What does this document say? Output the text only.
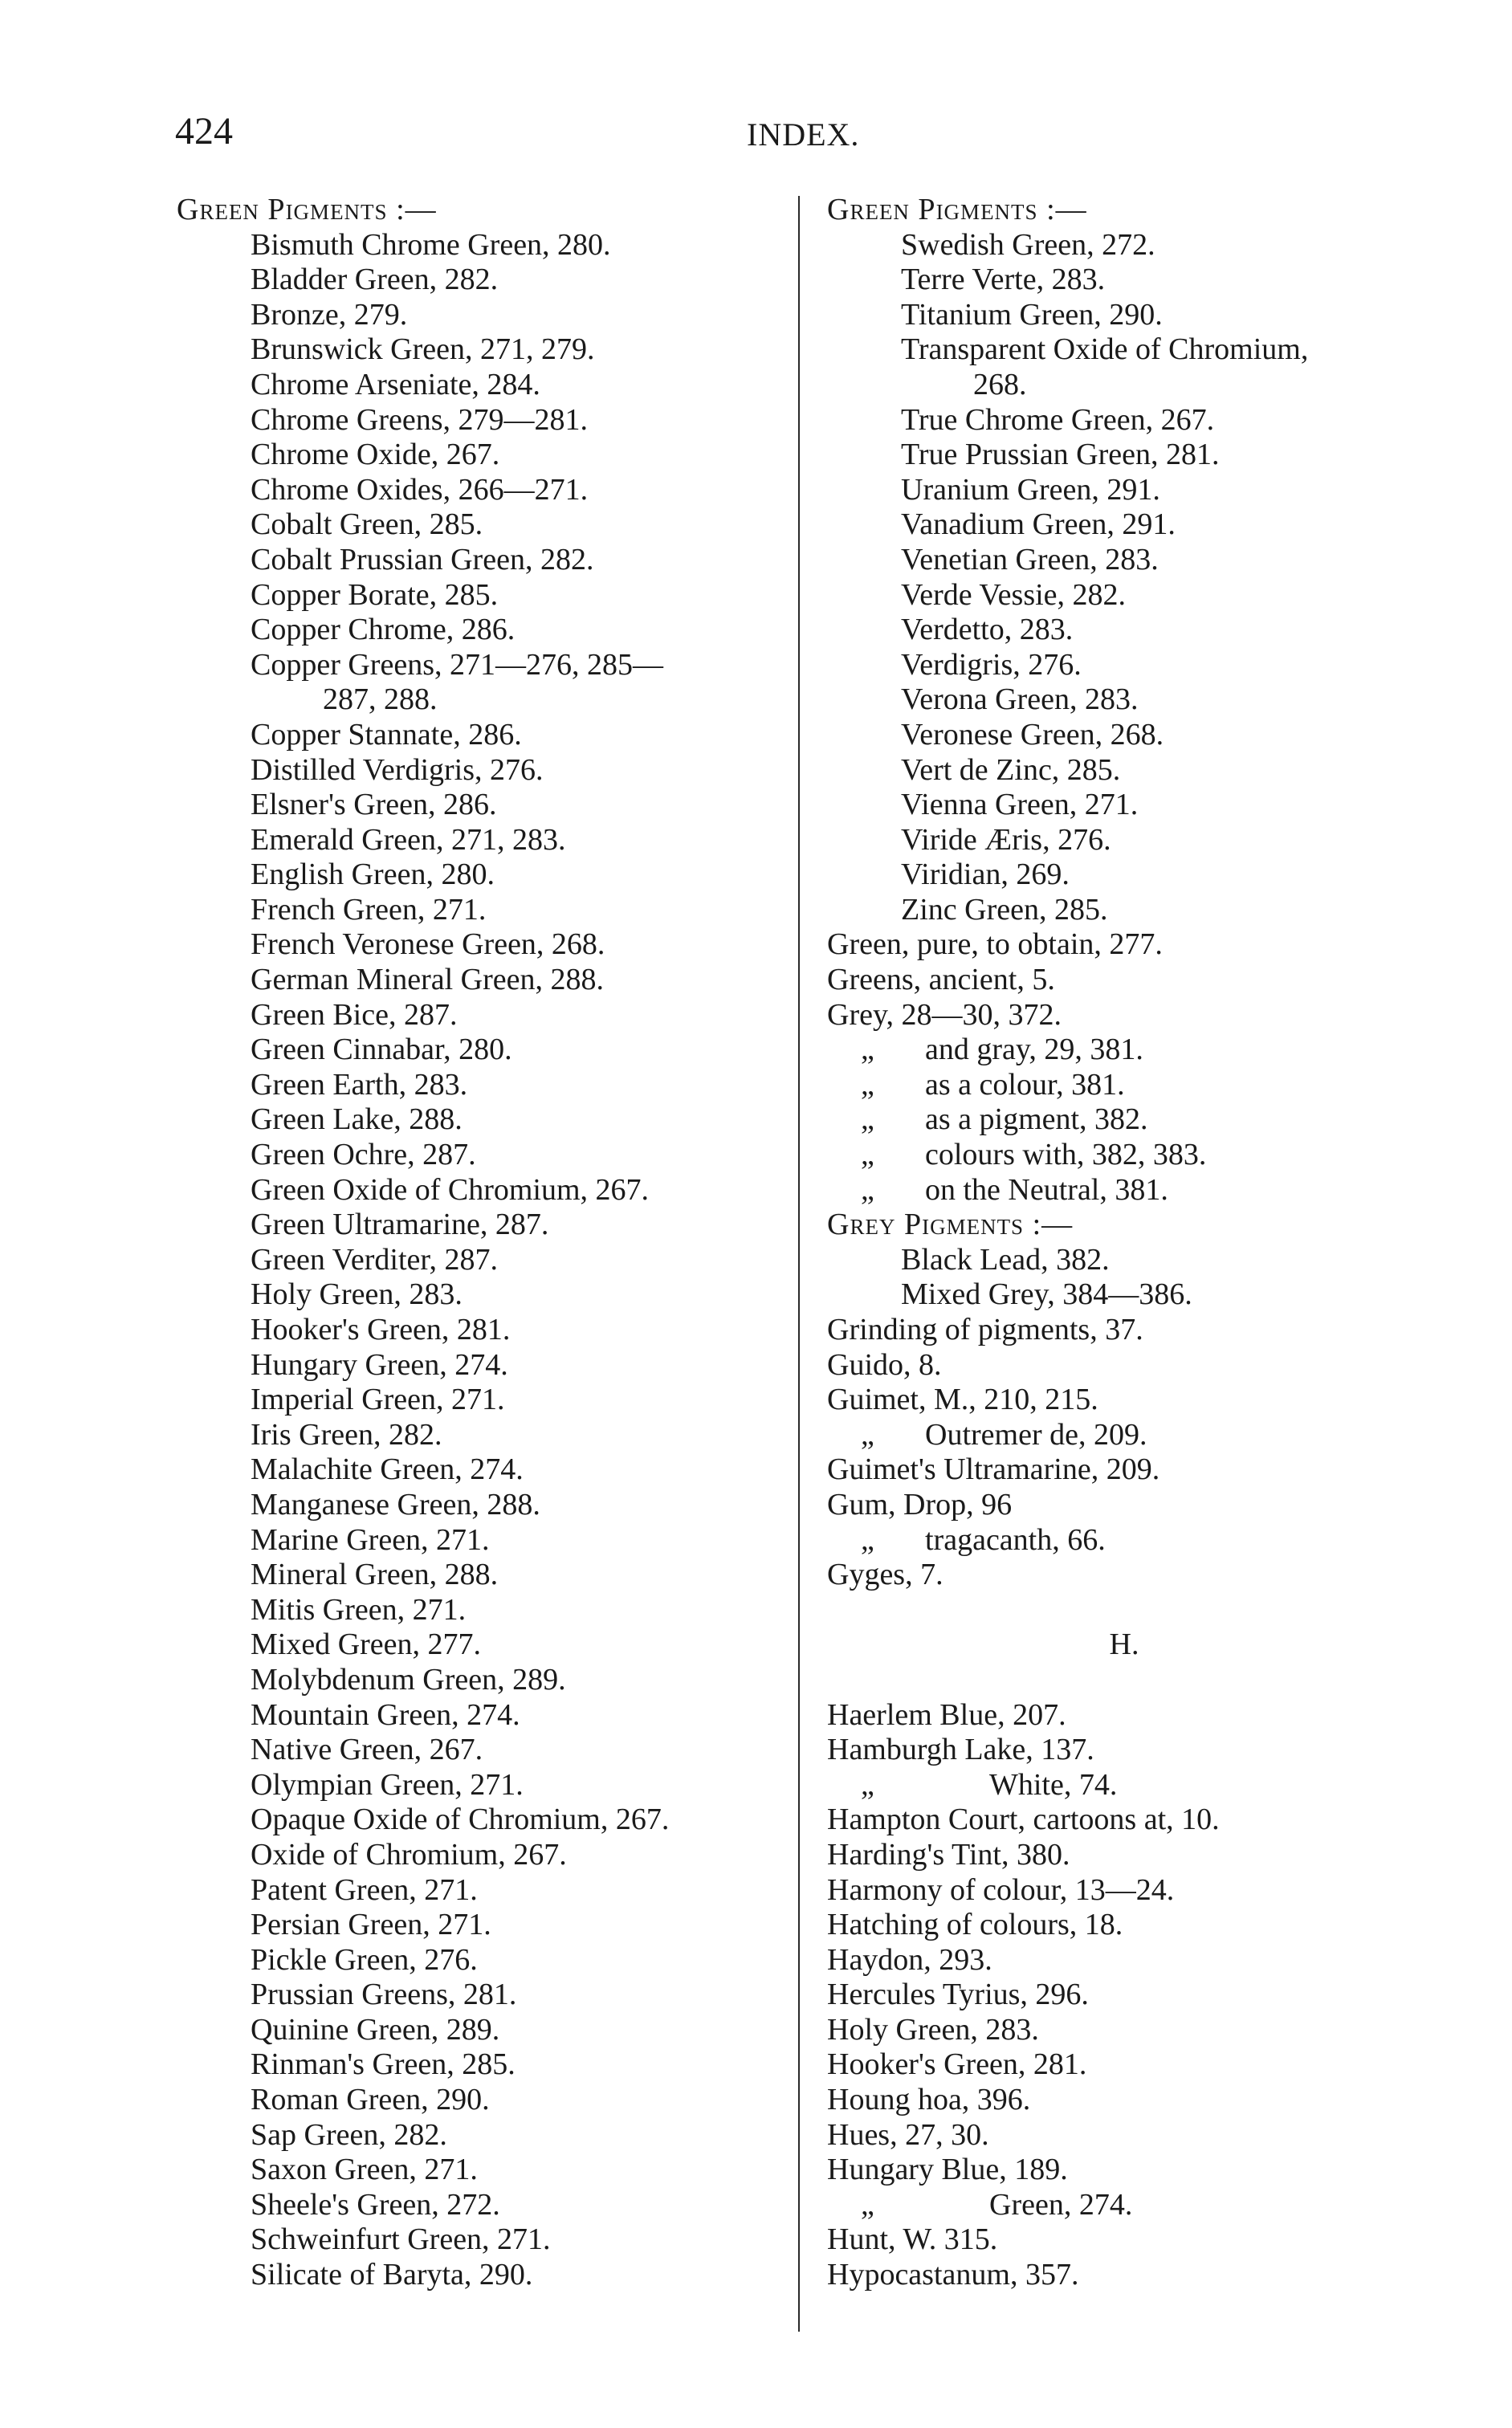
424	INDEX.
Green Pigments :—
Bismuth Chrome Green, 280.
Bladder Green, 282.
Bronze, 279.
Brunswick Green, 271, 279.
Chrome Arseniate, 284.
Chrome Greens, 279—281.
Chrome Oxide, 267.
Chrome Oxides, 266—271.
Cobalt Green, 285.
Cobalt Prussian Green, 282.
Copper Borate, 285.
Copper Chrome, 286.
Copper Greens, 271—276, 285—
287, 288.
Copper Stannate, 286.
Distilled Verdigris, 276.
Elsner's Green, 286.
Emerald Green, 271, 283.
English Green, 280.
French Green, 271.
French Veronese Green, 268.
German Mineral Green, 288.
Green Bice, 287.
Green Cinnabar, 280.
Green Earth, 283.
Green Lake, 288.
Green Ochre, 287.
Green Oxide of Chromium, 267.
Green Ultramarine, 287.
Green Verditer, 287.
Holy Green, 283.
Hooker's Green, 281.
Hungary Green, 274.
Imperial Green, 271.
Iris Green, 282.
Malachite Green, 274.
Manganese Green, 288.
Marine Green, 271.
Mineral Green, 288.
Mitis Green, 271.
Mixed Green, 277.
Molybdenum Green, 289.
Mountain Green, 274.
Native Green, 267.
Olympian Green, 271.
Opaque Oxide of Chromium, 267.
Oxide of Chromium, 267.
Patent Green, 271.
Persian Green, 271.
Pickle Green, 276.
Prussian Greens, 281.
Quinine Green, 289.
Rinman's Green, 285.
Roman Green, 290.
Sap Green, 282.
Saxon Green, 271.
Sheele's Green, 272.
Schweinfurt Green, 271.
Silicate of Baryta, 290.
Green Pigments :—
Swedish Green, 272.
Terre Verte, 283.
Titanium Green, 290.
Transparent Oxide of Chromium,
268.
True Chrome Green, 267.
True Prussian Green, 281.
Uranium Green, 291.
Vanadium Green, 291.
Venetian Green, 283.
Verde Vessie, 282.
Verdetto, 283.
Verdigris, 276.
Verona Green, 283.
Veronese Green, 268.
Vert de Zinc, 285.
Vienna Green, 271.
Viride Æris, 276.
Viridian, 269.
Zinc Green, 285.
Green, pure, to obtain, 277.
Greens, ancient, 5.
Grey, 28—30, 372.
„ and gray, 29, 381.
„ as a colour, 381.
„ as a pigment, 382.
„ colours with, 382, 383.
„ on the Neutral, 381.
Grey Pigments :—
Black Lead, 382.
Mixed Grey, 384—386.
Grinding of pigments, 37.
Guido, 8.
Guimet, M., 210, 215.
„ Outremer de, 209.
Guimet's Ultramarine, 209.
Gum, Drop, 96
„ tragacanth, 66.
Gyges, 7.
H.
Haerlem Blue, 207.
Hamburgh Lake, 137.
„	White, 74.
Hampton Court, cartoons at, 10.
Harding's Tint, 380.
Harmony of colour, 13—24.
Hatching of colours, 18.
Haydon, 293.
Hercules Tyrius, 296.
Holy Green, 283.
Hooker's Green, 281.
Houng hoa, 396.
Hues, 27, 30.
Hungary Blue, 189.
„	Green, 274.
Hunt, W. 315.
Hypocastanum, 357.
